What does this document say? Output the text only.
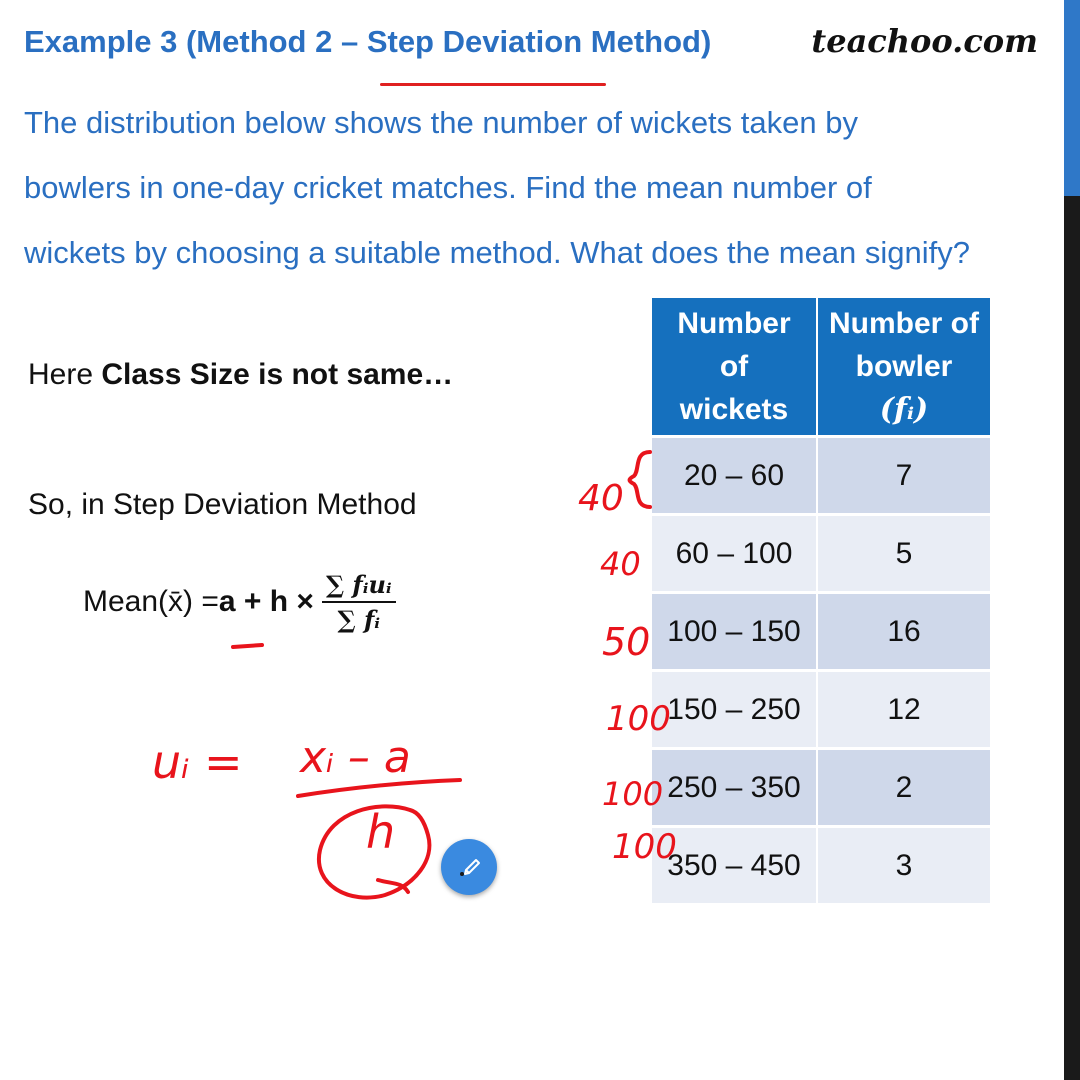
Example 3 (Method 2 – Step Deviation Method)	teachoo.com
The distribution below shows the number of wickets taken by
bowlers in one-day cricket matches. Find the mean number of
wickets by choosing a suitable method. What does the mean signify?
Here Class Size is not same…
So, in Step Deviation Method
Mean(x̄) = $a + h \times \frac{\text{∑ fᵢuᵢ}}{\text{∑ fᵢ}}$
Number of wickets	Number of bowler
(fᵢ)

20 – 60	7
60 – 100	5
100 – 150	16
150 – 250	12
250 – 350	2
350 – 450	3
40
40
50
100
100
100
uᵢ = xᵢ – a
h
